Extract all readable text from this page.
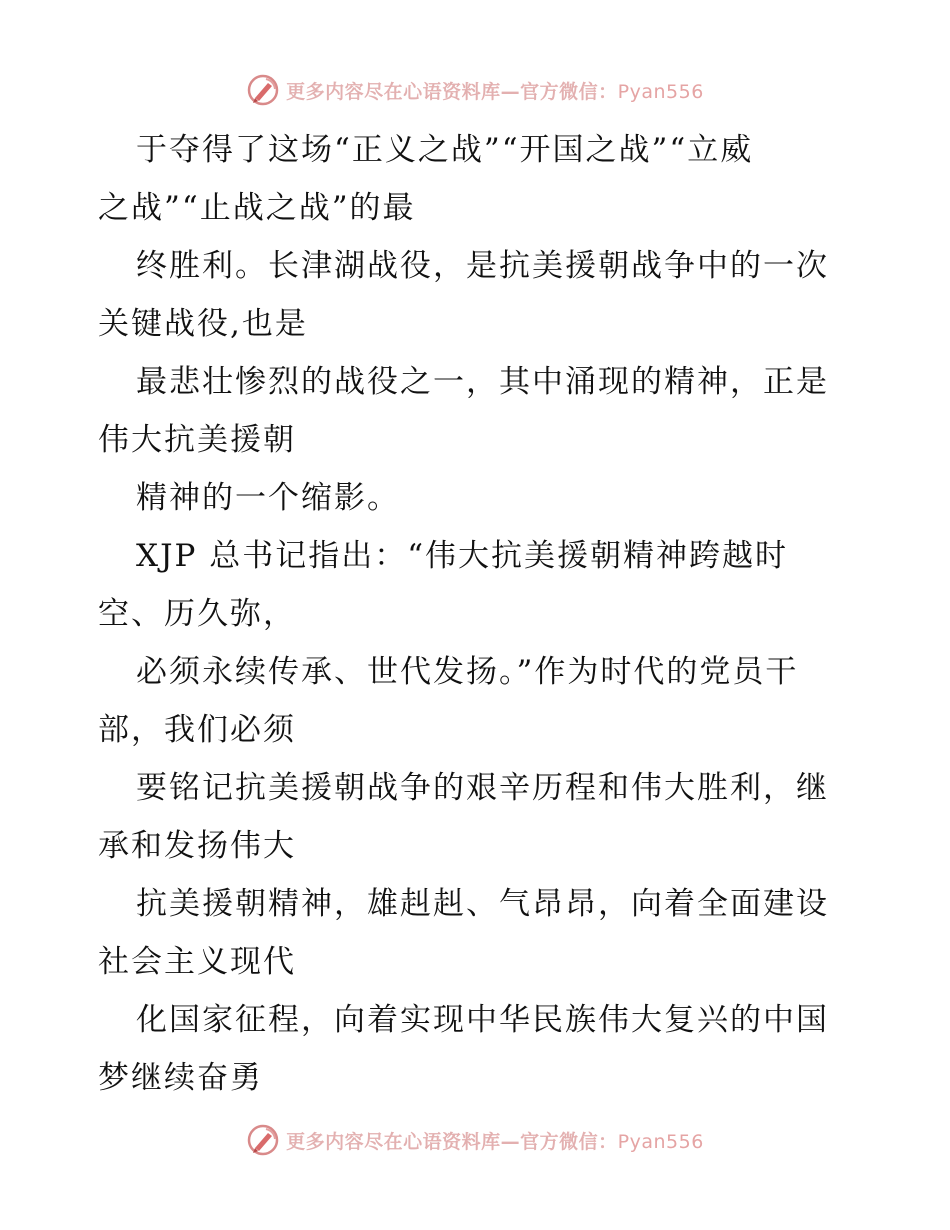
更多内容尽在心语资料库—官方微信：Pyan556
于夺得了这场“正义之战”“开国之战”“立威
之战”“止战之战”的最
终胜利。长津湖战役，是抗美援朝战争中的一次
关键战役,也是
最悲壮惨烈的战役之一，其中涌现的精神，正是
伟大抗美援朝
精神的一个缩影。
XJP 总书记指出：“伟大抗美援朝精神跨越时
空、历久弥，
必须永续传承、世代发扬。”作为时代的党员干
部，我们必须
要铭记抗美援朝战争的艰辛历程和伟大胜利，继
承和发扬伟大
抗美援朝精神，雄赳赳、气昂昂，向着全面建设
社会主义现代
化国家征程，向着实现中华民族伟大复兴的中国
梦继续奋勇
更多内容尽在心语资料库—官方微信：Pyan556
